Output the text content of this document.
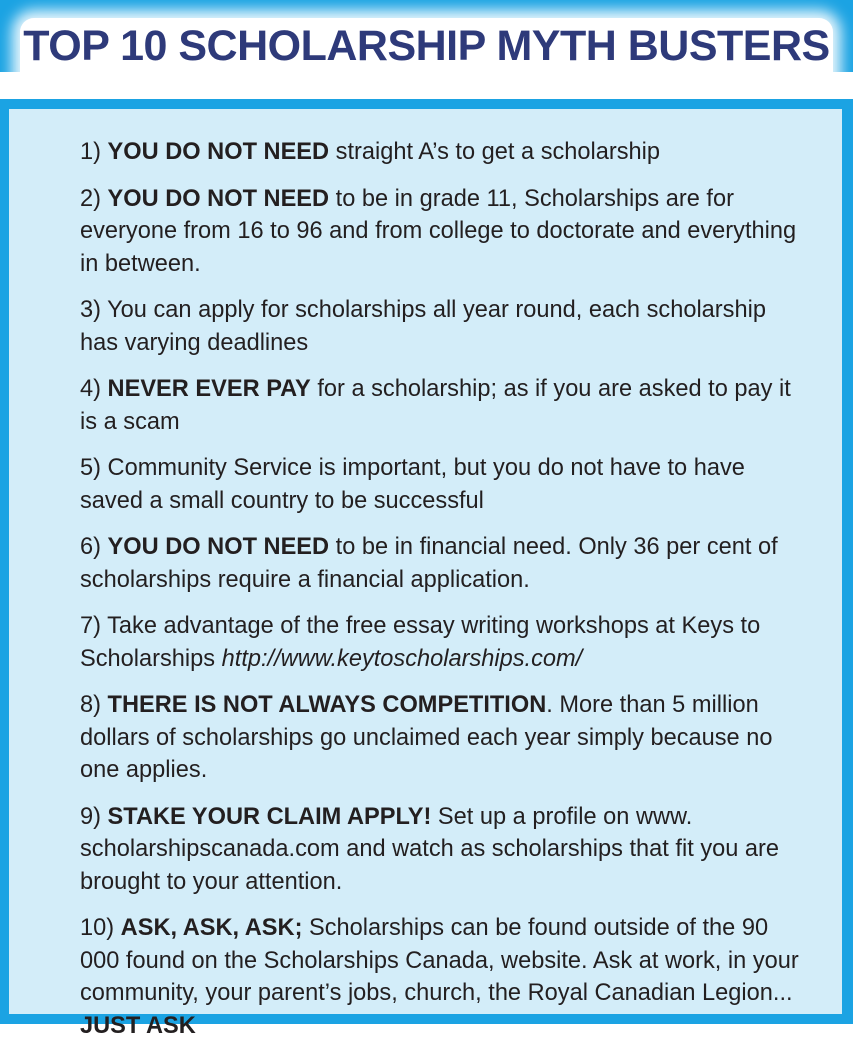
TOP 10 SCHOLARSHIP MYTH BUSTERS

1) YOU DO NOT NEED straight A’s to get a scholarship

2) YOU DO NOT NEED to be in grade 11, Scholarships are for everyone from 16 to 96 and from college to doctorate and everything in between.

3) You can apply for scholarships all year round, each scholarship has varying deadlines

4) NEVER EVER PAY for a scholarship; as if you are asked to pay it is a scam

5) Community Service is important, but you do not have to have saved a small country to be successful

6) YOU DO NOT NEED to be in financial need. Only 36 per cent of scholarships require a financial application.

7) Take advantage of the free essay writing workshops at Keys to Scholarships http://www.keytoscholarships.com/

8) THERE IS NOT ALWAYS COMPETITION. More than 5 million dollars of scholarships go unclaimed each year simply because no one applies.

9) STAKE YOUR CLAIM APPLY! Set up a profile on www. scholarshipscanada.com and watch as scholarships that fit you are brought to your attention.

10) ASK, ASK, ASK; Scholarships can be found outside of the 90 000 found on the Scholarships Canada, website. Ask at work, in your community, your parent’s jobs, church, the Royal Canadian Legion... JUST ASK
